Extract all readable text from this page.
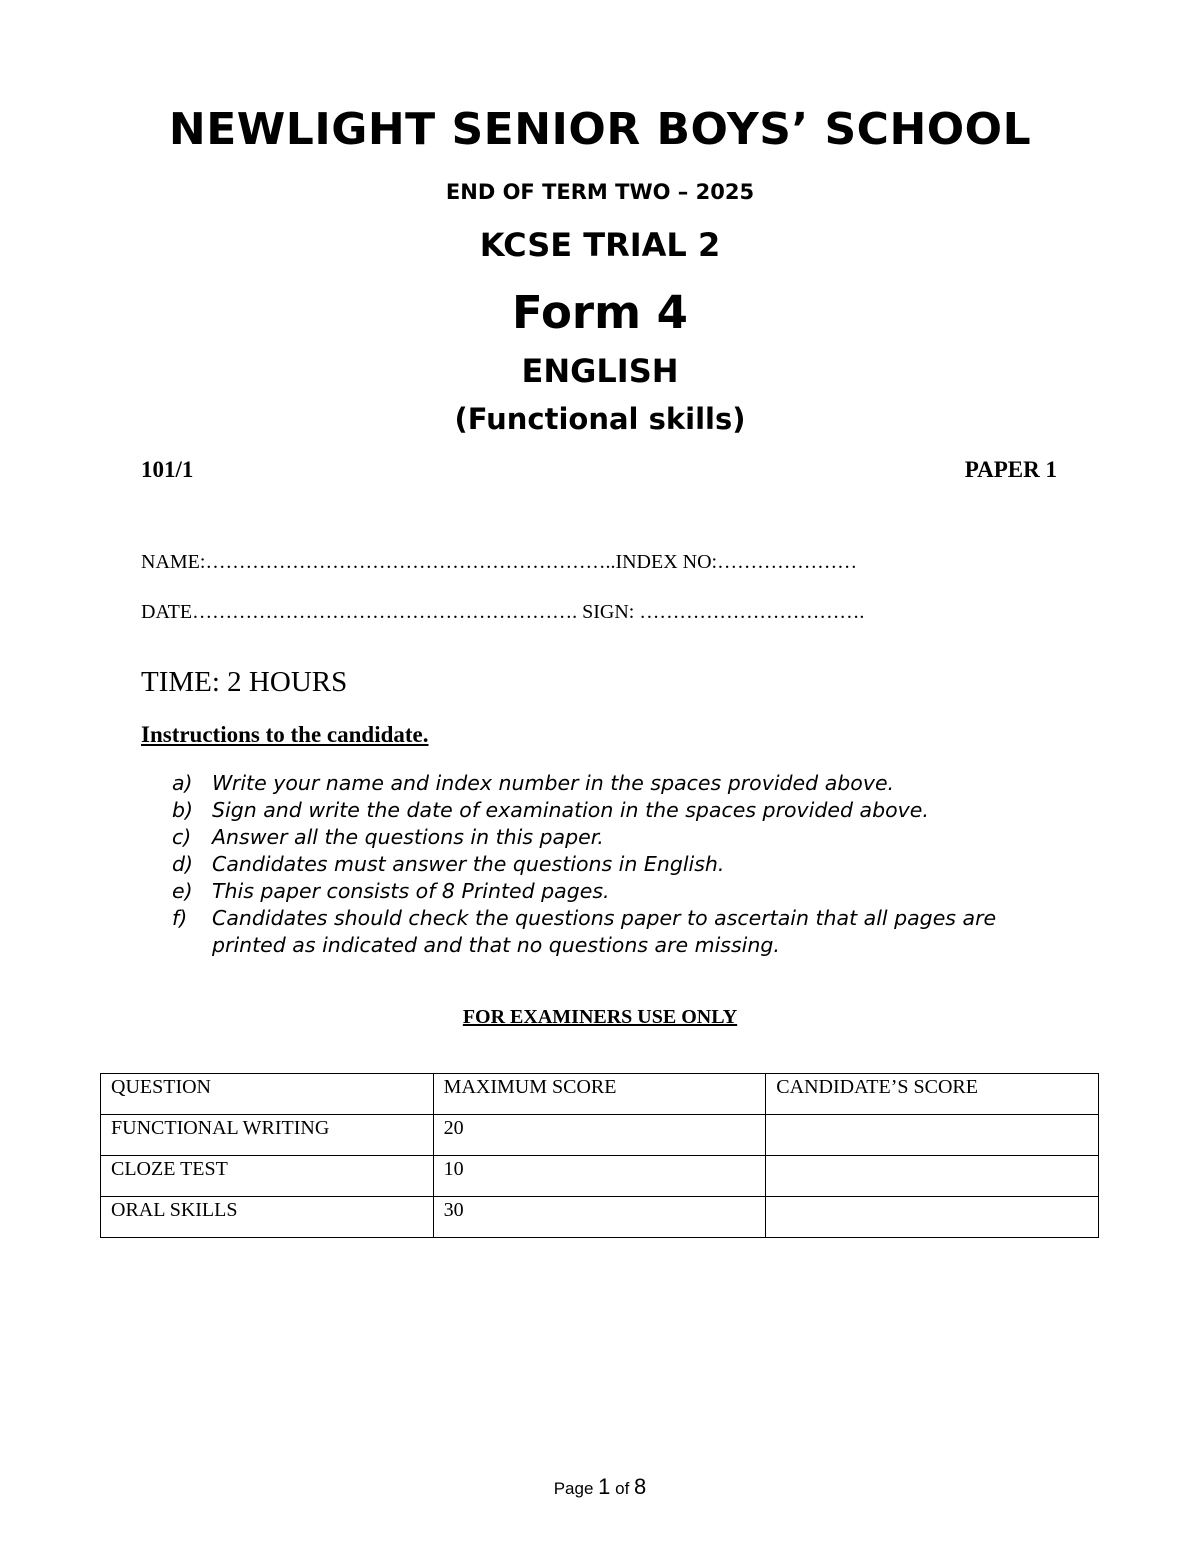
NEWLIGHT SENIOR BOYS’ SCHOOL
END OF TERM TWO – 2025
KCSE TRIAL 2
Form 4
ENGLISH
(Functional skills)
101/1	PAPER 1
NAME:……………………………………………………..INDEX NO:…………………
DATE…………………………………………………. SIGN: …………………………….
TIME: 2 HOURS
Instructions to the candidate.
a) Write your name and index number in the spaces provided above.
b) Sign and write the date of examination in the spaces provided above.
c) Answer all the questions in this paper.
d) Candidates must answer the questions in English.
e) This paper consists of 8 Printed pages.
f) Candidates should check the questions paper to ascertain that all pages are printed as indicated and that no questions are missing.
FOR EXAMINERS USE ONLY
QUESTION	MAXIMUM SCORE	CANDIDATE’S SCORE
FUNCTIONAL WRITING	20	
CLOZE TEST	10	
ORAL SKILLS	30	
Page 1 of 8
